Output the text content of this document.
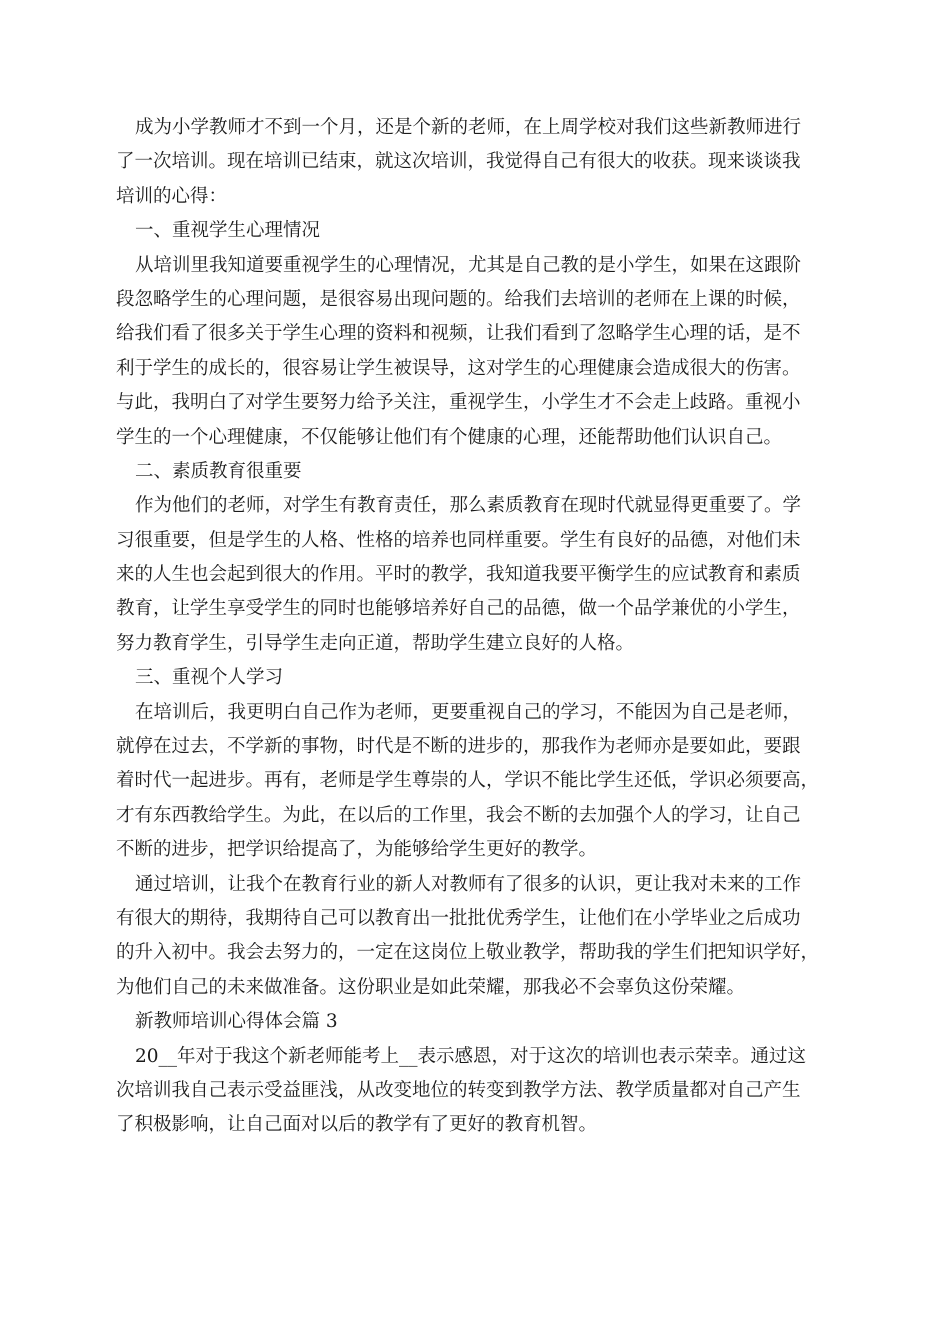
成为小学教师才不到一个月，还是个新的老师，在上周学校对我们这些新教师进行
了一次培训。现在培训已结束，就这次培训，我觉得自己有很大的收获。现来谈谈我
培训的心得：
一、重视学生心理情况
从培训里我知道要重视学生的心理情况，尤其是自己教的是小学生，如果在这跟阶
段忽略学生的心理问题，是很容易出现问题的。给我们去培训的老师在上课的时候，
给我们看了很多关于学生心理的资料和视频，让我们看到了忽略学生心理的话，是不
利于学生的成长的，很容易让学生被误导，这对学生的心理健康会造成很大的伤害。
与此，我明白了对学生要努力给予关注，重视学生，小学生才不会走上歧路。重视小
学生的一个心理健康，不仅能够让他们有个健康的心理，还能帮助他们认识自己。
二、素质教育很重要
作为他们的老师，对学生有教育责任，那么素质教育在现时代就显得更重要了。学
习很重要，但是学生的人格、性格的培养也同样重要。学生有良好的品德，对他们未
来的人生也会起到很大的作用。平时的教学，我知道我要平衡学生的应试教育和素质
教育，让学生享受学生的同时也能够培养好自己的品德，做一个品学兼优的小学生，
努力教育学生，引导学生走向正道，帮助学生建立良好的人格。
三、重视个人学习
在培训后，我更明白自己作为老师，更要重视自己的学习，不能因为自己是老师，
就停在过去，不学新的事物，时代是不断的进步的，那我作为老师亦是要如此，要跟
着时代一起进步。再有，老师是学生尊崇的人，学识不能比学生还低，学识必须要高，
才有东西教给学生。为此，在以后的工作里，我会不断的去加强个人的学习，让自己
不断的进步，把学识给提高了，为能够给学生更好的教学。
通过培训，让我个在教育行业的新人对教师有了很多的认识，更让我对未来的工作
有很大的期待，我期待自己可以教育出一批批优秀学生，让他们在小学毕业之后成功
的升入初中。我会去努力的，一定在这岗位上敬业教学，帮助我的学生们把知识学好，
为他们自己的未来做准备。这份职业是如此荣耀，那我必不会辜负这份荣耀。
新教师培训心得体会篇 3
20__年对于我这个新老师能考上__表示感恩，对于这次的培训也表示荣幸。通过这
次培训我自己表示受益匪浅，从改变地位的转变到教学方法、教学质量都对自己产生
了积极影响，让自己面对以后的教学有了更好的教育机智。
